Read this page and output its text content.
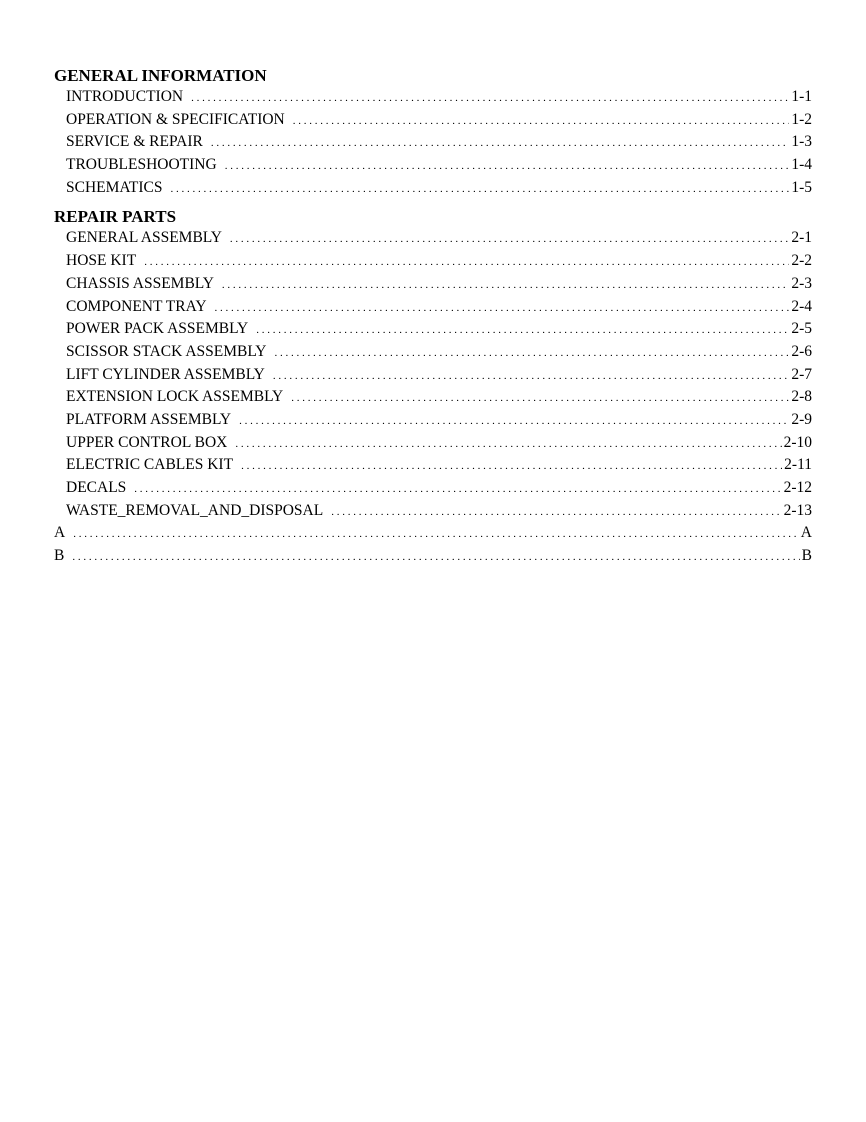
GENERAL INFORMATION
INTRODUCTION . . .	1-1
OPERATION & SPECIFICATION . . .	1-2
SERVICE & REPAIR . . .	1-3
TROUBLESHOOTING . . .	1-4
SCHEMATICS . . .	1-5
REPAIR PARTS
GENERAL ASSEMBLY . . .	2-1
HOSE KIT . . .	2-2
CHASSIS ASSEMBLY . . .	2-3
COMPONENT TRAY . . .	2-4
POWER PACK ASSEMBLY . . .	2-5
SCISSOR STACK ASSEMBLY . . .	2-6
LIFT CYLINDER ASSEMBLY . . .	2-7
EXTENSION LOCK ASSEMBLY . . .	2-8
PLATFORM ASSEMBLY . . .	2-9
UPPER CONTROL BOX . . .	2-10
ELECTRIC CABLES KIT . . .	2-11
DECALS . . .	2-12
WASTE_REMOVAL_AND_DISPOSAL . . .	2-13
A . . .	A
B . . .	B
